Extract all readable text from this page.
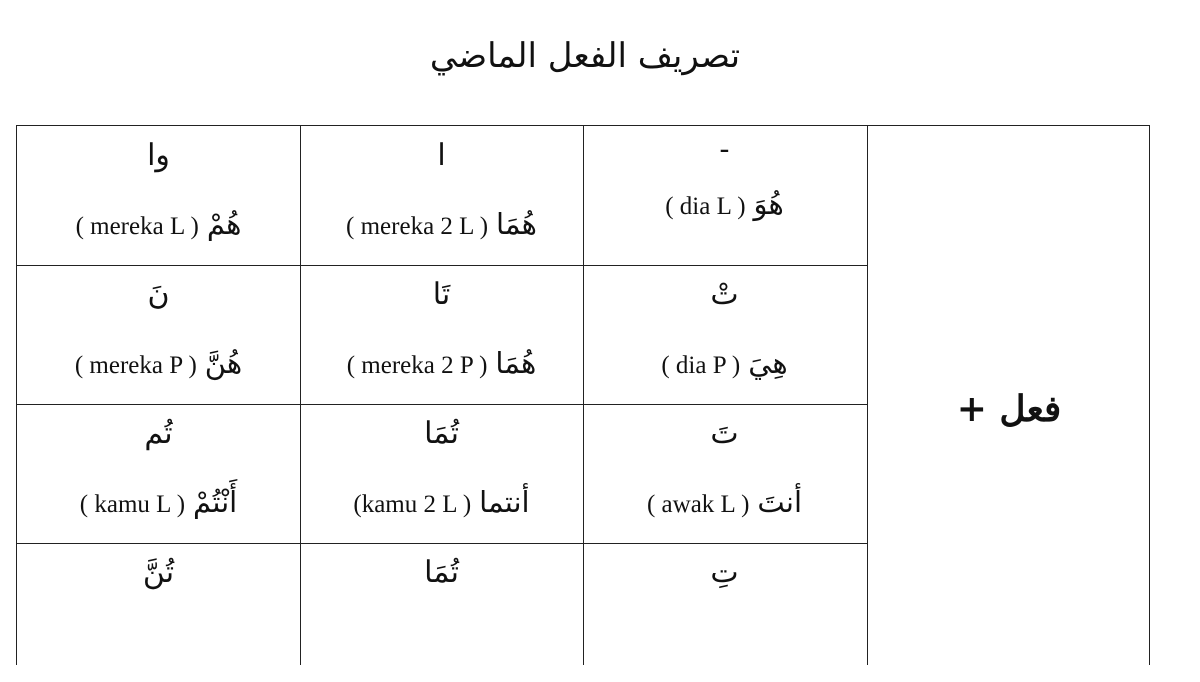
تصريف الفعل الماضي
وا
( mereka L ) هُمْ
ا
( mereka 2 L ) هُمَا
-
( dia L ) هُوَ
نَ
( mereka P ) هُنَّ
تَا
( mereka 2 P ) هُمَا
تْ
( dia P ) هِيَ
تُم
( kamu L ) أَنْتُمْ
تُمَا
(kamu 2 L ) أنتما
تَ
( awak L ) أنتَ
تُنَّ	تُمَا	تِ
فعل +
